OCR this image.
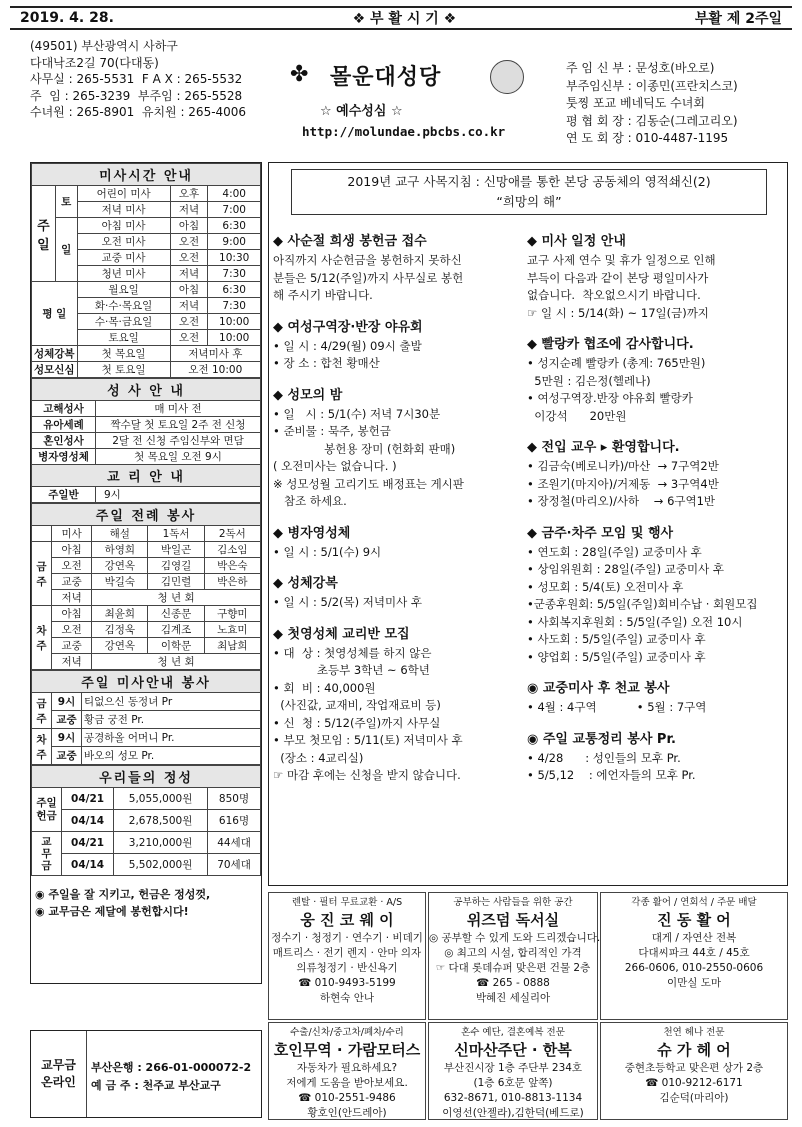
2019. 4. 28.	❖ 부 활 시 기 ❖	부활 제 2주일
(49501) 부산광역시 사하구
다대낙조2길 70(다대동)
사무실 : 265-5531  F A X : 265-5532
주  임 : 265-3239  부주임 : 265-5528
수녀원 : 265-8901  유치원 : 265-4006
✤ 몰운대성당
☆ 예수성심 ☆
http://molundae.pbcbs.co.kr
주 임 신 부 : 문성호(바오로)
부주임신부 : 이종민(프란치스코)
툿찡 포교 베네딕도 수녀회
평 협 회 장 : 김동순(그레고리오)
연 도 회 장 : 010-4487-1195
미사시간 안내				
주일	토	어린이 미사	오후	4:00
		저녁 미사	저녁	7:00
	일	아침 미사	아침	6:30
		오전 미사	오전	9:00
		교중 미사	오전	10:30
		청년 미사	저녁	7:30
평 일		월요일	아침	6:30
		화·수·목요일	저녁	7:30
		수·목·금요일	오전	10:00
		토요일	오전	10:00
성체강복		첫 목요일	저녁미사 후	
성모신심		첫 토요일	오전 10:00	
성 사 안 내	
고해성사	매 미사 전
유아세례	짝수달 첫 토요일 2주 전 신청
혼인성사	2달 전 신청 주임신부와 면담
병자영성체	첫 목요일 오전 9시
교 리 안 내	
주일반	9시
주일 전례 봉사				
	미사	해설	1독서	2독서
금주	아침	하영희	박일곤	김소임
	오전	강연옥	김영길	박은숙
	교중	박길숙	김민렬	박은하
	저녁	청 년 회		
차주	아침	최윤희	신종문	구향미
	오전	김정욱	김계조	노효미
	교중	강연옥	이학문	최남희
	저녁	청 년 회		
주일 미사안내 봉사		
금주	9시	티없으신 동정녀 Pr
	교중	황금 궁전 Pr.
차주	9시	공경하올 어머니 Pr.
	교중	바오의 성모 Pr.
우리들의 정성			
주일
헌금	04/21	5,055,000원	850명
	04/14	2,678,500원	616명
교
무
금	04/21	3,210,000원	44세대
	04/14	5,502,000원	70세대
◉ 주일을 잘 지키고, 헌금은 정성껏,
◉ 교무금은 제달에 봉헌합시다!
교무금
온라인
부산은행 : 266-01-000072-2
예 금 주 : 천주교 부산교구
2019년 교구 사목지침 : 신망애를 통한 본당 공동체의 영적쇄신(2)
“희망의 해”
◆ 사순절 희생 봉헌금 접수
아직까지 사순헌금을 봉헌하지 못하신
분들은 5/12(주일)까지 사무실로 봉헌
해 주시기 바랍니다.
◆ 여성구역장·반장 야유회
• 일 시 : 4/29(월) 09시 출발
• 장 소 : 합천 황매산
◆ 성모의 밤
• 일   시 : 5/1(수) 저녁 7시30분
• 준비물 : 묵주, 봉헌금
봉헌용 장미 (헌화회 판매)
( 오전미사는 없습니다. )
※ 성모성월 고리기도 배정표는 게시판
참조 하세요.
◆ 병자영성체
• 일 시 : 5/1(수) 9시
◆ 성체강복
• 일 시 : 5/2(목) 저녁미사 후
◆ 첫영성체 교리반 모집
• 대  상 : 첫영성체를 하지 않은
초등부 3학년 ~ 6학년
• 회  비 : 40,000원
(사진값, 교재비, 작업재료비 등)
• 신  청 : 5/12(주일)까지 사무실
• 부모 첫모임 : 5/11(토) 저녁미사 후
(장소 : 4교리실)
☞ 마감 후에는 신청을 받지 않습니다.
◆ 미사 일정 안내
교구 사제 연수 및 휴가 일정으로 인해
부득이 다음과 같이 본당 평일미사가
없습니다.  착오없으시기 바랍니다.
☞ 일 시 : 5/14(화) ~ 17일(금)까지
◆ 빨랑카 협조에 감사합니다.
• 성지순례 빨랑카 (총계: 765만원)
5만원 : 김은정(헬레나)
• 여성구역장.반장 야유회 빨랑카
이강석      20만원
◆ 전입 교우 ▸ 환영합니다.
• 김금숙(베로니카)/마산  → 7구역2반
• 조원기(마지아)/거제동  → 3구역4반
• 장정철(마리오)/사하    → 6구역1반
◆ 금주·차주 모임 및 행사
• 연도회 : 28일(주일) 교중미사 후
• 상임위원회 : 28일(주일) 교중미사 후
• 성모회 : 5/4(토) 오전미사 후
•군종후원회: 5/5일(주일)회비수납 · 회원모집
• 사회복지후원회 : 5/5일(주일) 오전 10시
• 사도회 : 5/5일(주일) 교중미사 후
• 양업회 : 5/5일(주일) 교중미사 후
◉ 교중미사 후 천교 봉사
• 4월 : 4구역           • 5월 : 7구역
◉ 주일 교통정리 봉사 Pr.
• 4/28      : 성인들의 모후 Pr.
• 5/5,12    : 에언자들의 모후 Pr.
렌탈 · 필터 무료교환 · A/S
웅 진 코 웨 이
정수기 · 청정기 · 연수기 · 비데기
매트리스 · 전기 렌지 · 안마 의자
의류청정기 · 반신욕기
☎ 010-9493-5199
하현숙 안나
공부하는 사람들을 위한 공간
위즈덤 독서실
◎ 공부할 수 있게 도와 드리겠습니다.
◎ 최고의 시설, 합리적인 가격
☞ 다대 롯데슈퍼 맞은편 건물 2층
☎ 265 - 0888
박혜진 세실리아
각종 활어 / 연회석 / 주문 배달
진 동 활 어
대게 / 자연산 전복
다대씨파크 44호 / 45호
266-0606, 010-2550-0606
이만실 도마
수출/신차/중고차/폐차/수리
호인무역 · 가람모터스
자동차가 필요하세요?
저에게 도움을 받아보세요.
☎ 010-2551-9486
황호인(안드레아)
혼수 예단, 결혼예복 전문
신마산주단 · 한복
부산진시장 1층 주단부 234호
(1층 6호문 앞쪽)
632-8671, 010-8813-1134
이영선(안젤라),김한덕(베드로)
천연 헤나 전문
슈 가 헤 어
중현초등학교 맞은편 상가 2층
☎ 010-9212-6171
김순덕(마리아)
